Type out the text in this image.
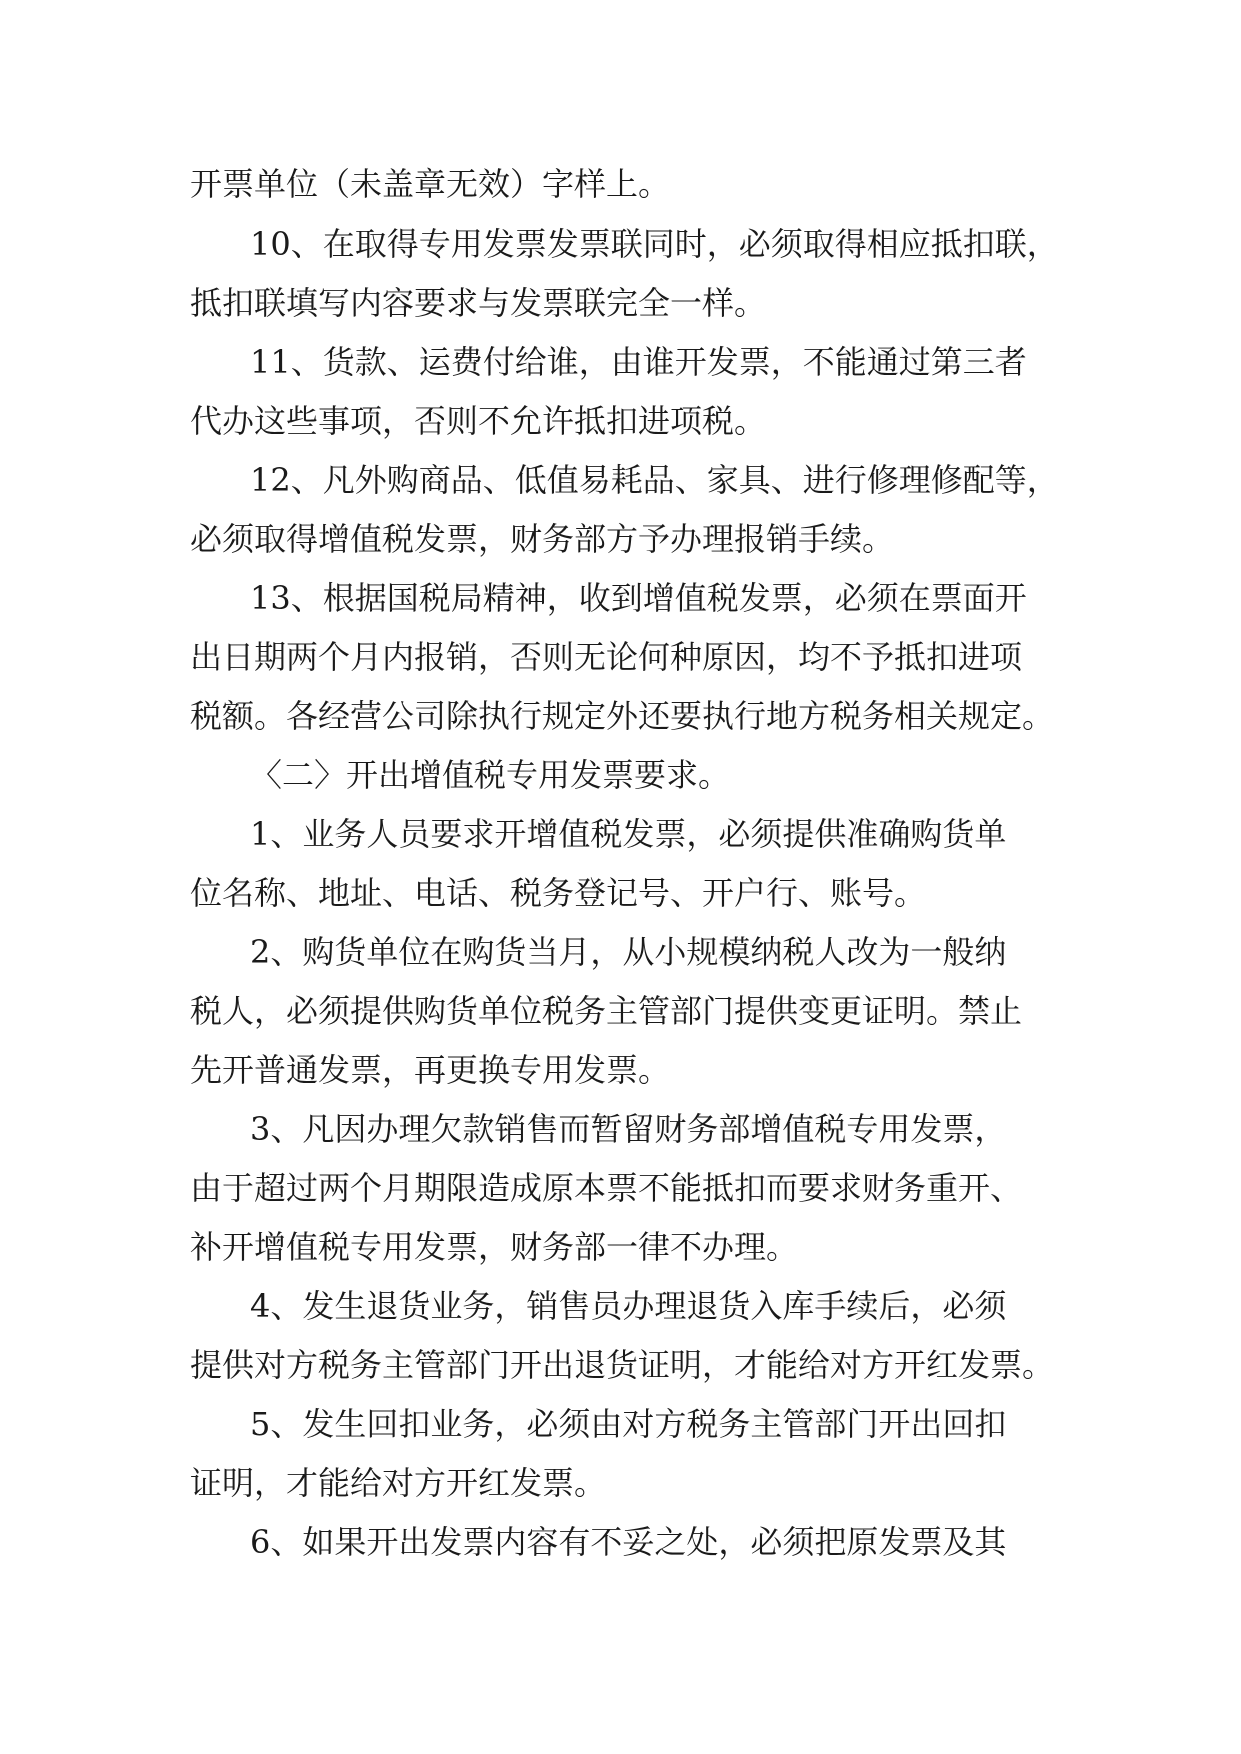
开票单位（未盖章无效）字样上。
10、在取得专用发票发票联同时，必须取得相应抵扣联，
抵扣联填写内容要求与发票联完全一样。
11、货款、运费付给谁，由谁开发票，不能通过第三者
代办这些事项，否则不允许抵扣进项税。
12、凡外购商品、低值易耗品、家具、进行修理修配等，
必须取得增值税发票，财务部方予办理报销手续。
13、根据国税局精神，收到增值税发票，必须在票面开
出日期两个月内报销，否则无论何种原因，均不予抵扣进项
税额。各经营公司除执行规定外还要执行地方税务相关规定。
〈二〉开出增值税专用发票要求。
1、业务人员要求开增值税发票，必须提供准确购货单
位名称、地址、电话、税务登记号、开户行、账号。
2、购货单位在购货当月，从小规模纳税人改为一般纳
税人，必须提供购货单位税务主管部门提供变更证明。禁止
先开普通发票，再更换专用发票。
3、凡因办理欠款销售而暂留财务部增值税专用发票，
由于超过两个月期限造成原本票不能抵扣而要求财务重开、
补开增值税专用发票，财务部一律不办理。
4、发生退货业务，销售员办理退货入库手续后，必须
提供对方税务主管部门开出退货证明，才能给对方开红发票。
5、发生回扣业务，必须由对方税务主管部门开出回扣
证明，才能给对方开红发票。
6、如果开出发票内容有不妥之处，必须把原发票及其
